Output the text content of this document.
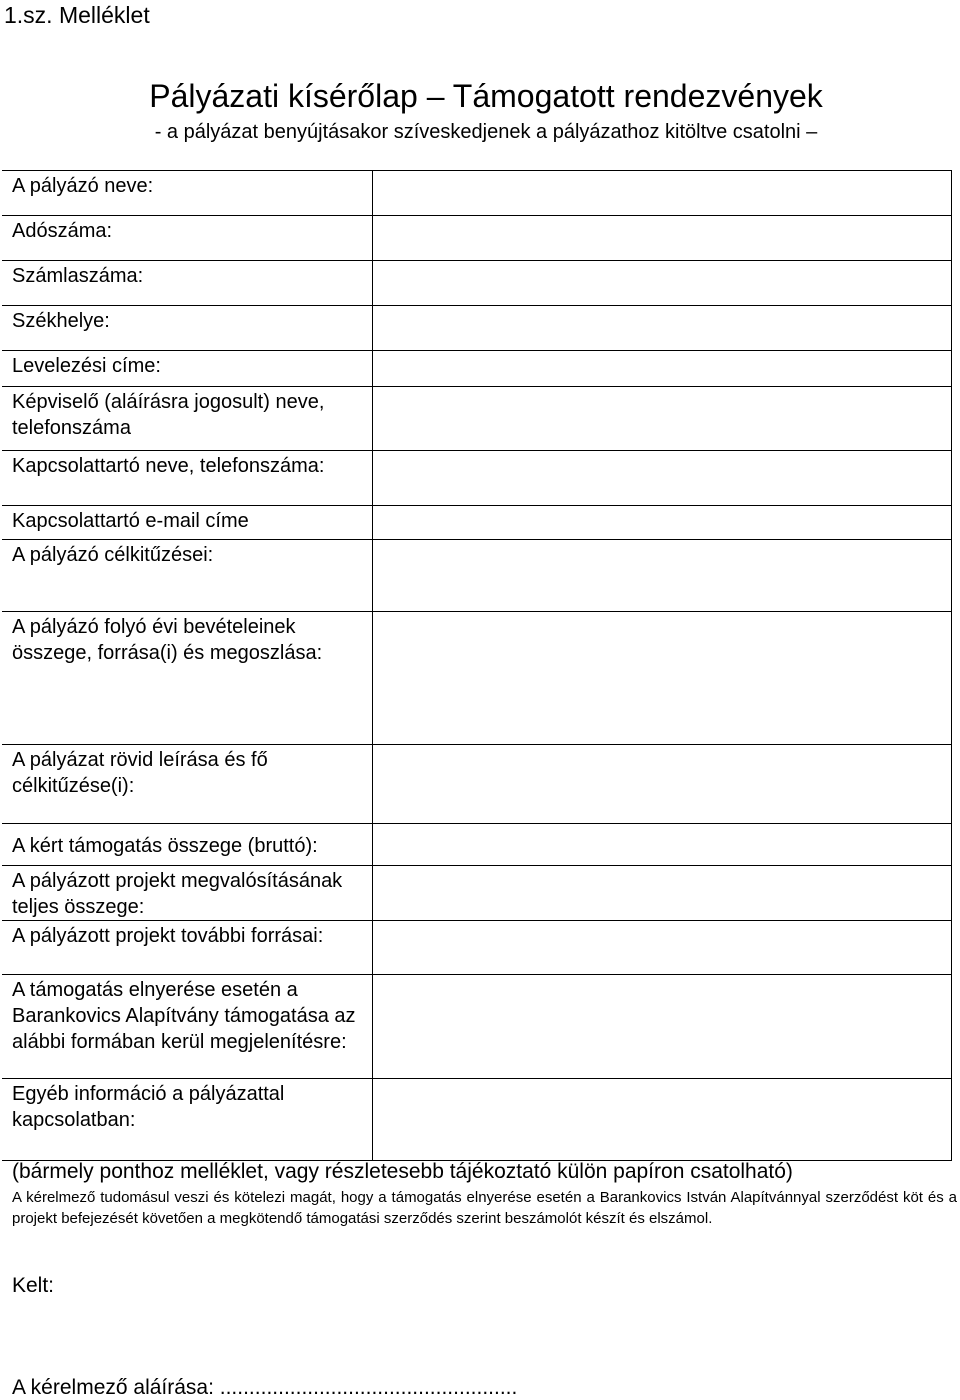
1.sz. Melléklet
Pályázati kísérőlap – Támogatott rendezvények
- a pályázat benyújtásakor szíveskedjenek a pályázathoz kitöltve csatolni –
A pályázó neve:	
Adószáma:	
Számlaszáma:	
Székhelye:	
Levelezési címe:	
Képviselő (aláírásra jogosult) neve, telefonszáma	
Kapcsolattartó neve, telefonszáma:	
Kapcsolattartó e-mail címe	
A pályázó célkitűzései:	
A pályázó folyó évi bevételeinek összege, forrása(i) és megoszlása:	
A pályázat rövid leírása és fő célkitűzése(i):	
A kért támogatás összege (bruttó):	
A pályázott projekt megvalósításának teljes összege:	
A pályázott projekt további forrásai:	
A támogatás elnyerése esetén a Barankovics Alapítvány támogatása az alábbi formában kerül megjelenítésre:	
Egyéb információ a pályázattal kapcsolatban:	
(bármely ponthoz melléklet, vagy részletesebb tájékoztató külön papíron csatolható)
A kérelmező tudomásul veszi és kötelezi magát, hogy a támogatás elnyerése esetén a Barankovics István Alapítvánnyal szerződést köt és a projekt befejezését követően a megkötendő támogatási szerződés szerint beszámolót készít és elszámol.
Kelt:
A kérelmező aláírása: ...................................................
